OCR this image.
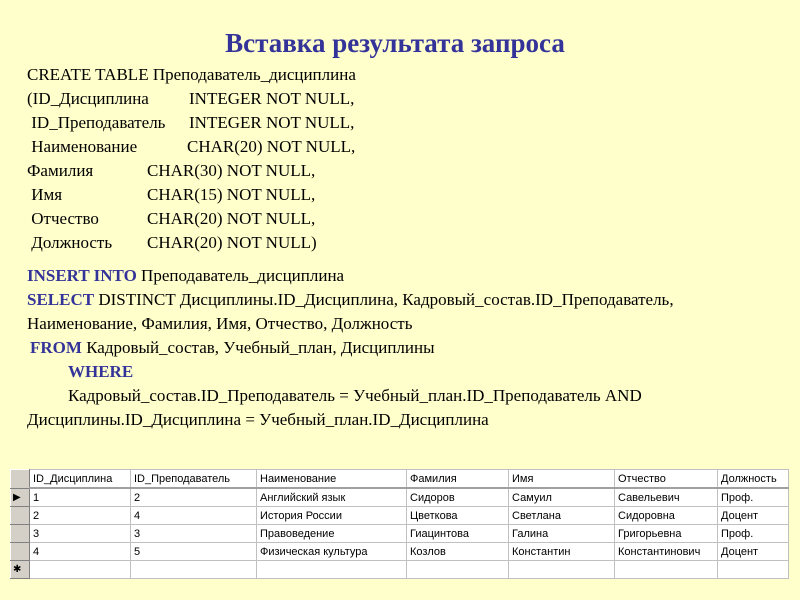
Вставка результата запроса
CREATE TABLE Преподаватель_дисциплина
(ID_Дисциплина INTEGER NOT NULL,
ID_Преподаватель INTEGER NOT NULL,
Наименование	CHAR(20) NOT NULL,
Фамилия	CHAR(30) NOT NULL,
Имя	CHAR(15) NOT NULL,
Отчество	CHAR(20) NOT NULL,
Должность CHAR(20) NOT NULL)
INSERT INTO Преподаватель_дисциплина
SELECT DISTINCT Дисциплины.ID_Дисциплина, Кадровый_состав.ID_Преподаватель,
Наименование, Фамилия, Имя, Отчество, Должность
FROM Кадровый_состав, Учебный_план, Дисциплины
WHERE
Кадровый_состав.ID_Преподаватель = Учебный_план.ID_Преподаватель AND
Дисциплины.ID_Дисциплина = Учебный_план.ID_Дисциплина
	ID_Дисциплина	ID_Преподаватель	Наименование	Фамилия	Имя	Отчество	Должность
▶	1	2	Английский язык	Сидоров	Самуил	Савельевич	Проф.
	2	4	История России	Цветкова	Светлана	Сидоровна	Доцент
	3	3	Правоведение	Гиацинтова	Галина	Григорьевна	Проф.
	4	5	Физическая культура	Козлов	Константин	Константинович	Доцент
✱							
